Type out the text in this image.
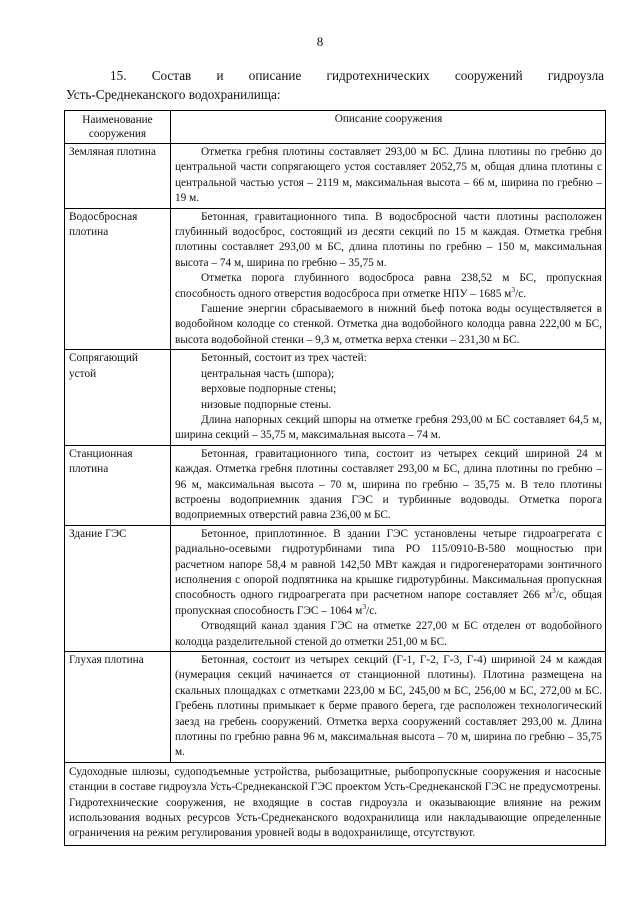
8
15. Состав и описание гидротехнических сооружений гидроузла
Усть-Среднеканского водохранилища:
Наименование сооружения	Описание сооружения
Земляная плотина	Отметка гребня плотины составляет 293,00 м БС. Длина плотины по гребню до центральной части сопрягающего устоя составляет 2052,75 м, общая длина плотины с центральной частью устоя – 2119 м, максимальная высота – 66 м, ширина по гребню – 19 м.

Водосбросная плотина	Бетонная, гравитационного типа. В водосбросной части плотины расположен глубинный водосброс, состоящий из десяти секций по 15 м каждая. Отметка гребня плотины составляет 293,00 м БС, длина плотины по гребню – 150 м, максимальная высота – 74 м, ширина по гребню – 35,75 м.

Отметка порога глубинного водосброса равна 238,52 м БС, пропускная способность одного отверстия водосброса при отметке НПУ – 1685 $м^3/с$.

Гашение энергии сбрасываемого в нижний бьеф потока воды осуществляется в водобойном колодце со стенкой. Отметка дна водобойного колодца равна 222,00 м БС, высота водобойной стенки – 9,3 м, отметка верха стенки – 231,30 м БС.

Сопрягающий устой	Бетонный, состоит из трех частей:

центральная часть (шпора);

верховые подпорные стены;

низовые подпорные стены.

Длина напорных секций шпоры на отметке гребня 293,00 м БС составляет 64,5 м, ширина секций – 35,75 м, максимальная высота – 74 м.

Станционная плотина	Бетонная, гравитационного типа, состоит из четырех секций шириной 24 м каждая. Отметка гребня плотины составляет 293,00 м БС, длина плотины по гребню – 96 м, максимальная высота – 70 м, ширина по гребню – 35,75 м. В тело плотины встроены водоприемник здания ГЭС и турбинные водоводы. Отметка порога водоприемных отверстий равна 236,00 м БС.

Здание ГЭС	Бетонное, приплотинное. В здании ГЭС установлены четыре гидроагрегата с радиально-осевыми гидротурбинами типа РО 115/0910-В-580 мощностью при расчетном напоре 58,4 м равной 142,50 МВт каждая и гидрогенераторами зонтичного исполнения с опорой подпятника на крышке гидротурбины. Максимальная пропускная способность одного гидроагрегата при расчетном напоре составляет 266 $м^3/с$, общая пропускная способность ГЭС – 1064 $м^3/с$.

Отводящий канал здания ГЭС на отметке 227,00 м БС отделен от водобойного колодца разделительной стеной до отметки 251,00 м БС.

Глухая плотина	Бетонная, состоит из четырех секций (Г-1, Г-2, Г-3, Г-4) шириной 24 м каждая (нумерация секций начинается от станционной плотины). Плотина размещена на скальных площадках с отметками 223,00 м БС, 245,00 м БС, 256,00 м БС, 272,00 м БС. Гребень плотины примыкает к берме правого берега, где расположен технологический заезд на гребень сооружений. Отметка верха сооружений составляет 293,00 м. Длина плотины по гребню равна 96 м, максимальная высота – 70 м, ширина по гребню – 35,75 м.

Судоходные шлюзы, судоподъемные устройства, рыбозащитные, рыбопропускные сооружения и насосные станции в составе гидроузла Усть-Среднеканской ГЭС проектом Усть-Среднеканской ГЭС не предусмотрены. Гидротехнические сооружения, не входящие в состав гидроузла и оказывающие влияние на режим использования водных ресурсов Усть-Среднеканского водохранилища или накладывающие определенные ограничения на режим регулирования уровней воды в водохранилище, отсутствуют.	
